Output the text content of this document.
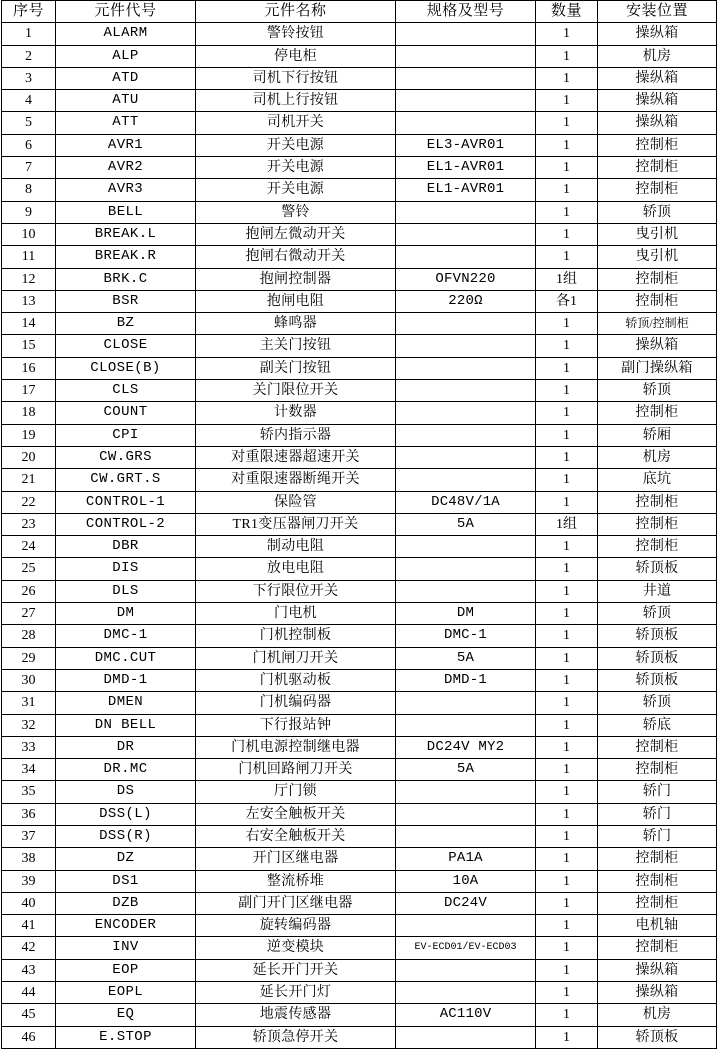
序号	元件代号	元件名称	规格及型号	数量	安装位置
1	ALARM	警铃按钮		1	操纵箱
2	ALP	停电柜		1	机房
3	ATD	司机下行按钮		1	操纵箱
4	ATU	司机上行按钮		1	操纵箱
5	ATT	司机开关		1	操纵箱
6	AVR1	开关电源	EL3-AVR01	1	控制柜
7	AVR2	开关电源	EL1-AVR01	1	控制柜
8	AVR3	开关电源	EL1-AVR01	1	控制柜
9	BELL	警铃		1	轿顶
10	BREAK.L	抱闸左微动开关		1	曳引机
11	BREAK.R	抱闸右微动开关		1	曳引机
12	BRK.C	抱闸控制器	OFVN220	1组	控制柜
13	BSR	抱闸电阻	220Ω	各1	控制柜
14	BZ	蜂鸣器		1	轿顶/控制柜
15	CLOSE	主关门按钮		1	操纵箱
16	CLOSE(B)	副关门按钮		1	副门操纵箱
17	CLS	关门限位开关		1	轿顶
18	COUNT	计数器		1	控制柜
19	CPI	轿内指示器		1	轿厢
20	CW.GRS	对重限速器超速开关		1	机房
21	CW.GRT.S	对重限速器断绳开关		1	底坑
22	CONTROL-1	保险管	DC48V/1A	1	控制柜
23	CONTROL-2	TR1变压器闸刀开关	5A	1组	控制柜
24	DBR	制动电阻		1	控制柜
25	DIS	放电电阻		1	轿顶板
26	DLS	下行限位开关		1	井道
27	DM	门电机	DM	1	轿顶
28	DMC-1	门机控制板	DMC-1	1	轿顶板
29	DMC.CUT	门机闸刀开关	5A	1	轿顶板
30	DMD-1	门机驱动板	DMD-1	1	轿顶板
31	DMEN	门机编码器		1	轿顶
32	DN BELL	下行报站钟		1	轿底
33	DR	门机电源控制继电器	DC24V MY2	1	控制柜
34	DR.MC	门机回路闸刀开关	5A	1	控制柜
35	DS	厅门锁		1	轿门
36	DSS(L)	左安全触板开关		1	轿门
37	DSS(R)	右安全触板开关		1	轿门
38	DZ	开门区继电器	PA1A	1	控制柜
39	DS1	整流桥堆	10A	1	控制柜
40	DZB	副门开门区继电器	DC24V	1	控制柜
41	ENCODER	旋转编码器		1	电机轴
42	INV	逆变模块	EV-ECD01/EV-ECD03	1	控制柜
43	EOP	延长开门开关		1	操纵箱
44	EOPL	延长开门灯		1	操纵箱
45	EQ	地震传感器	AC110V	1	机房
46	E.STOP	轿顶急停开关		1	轿顶板
